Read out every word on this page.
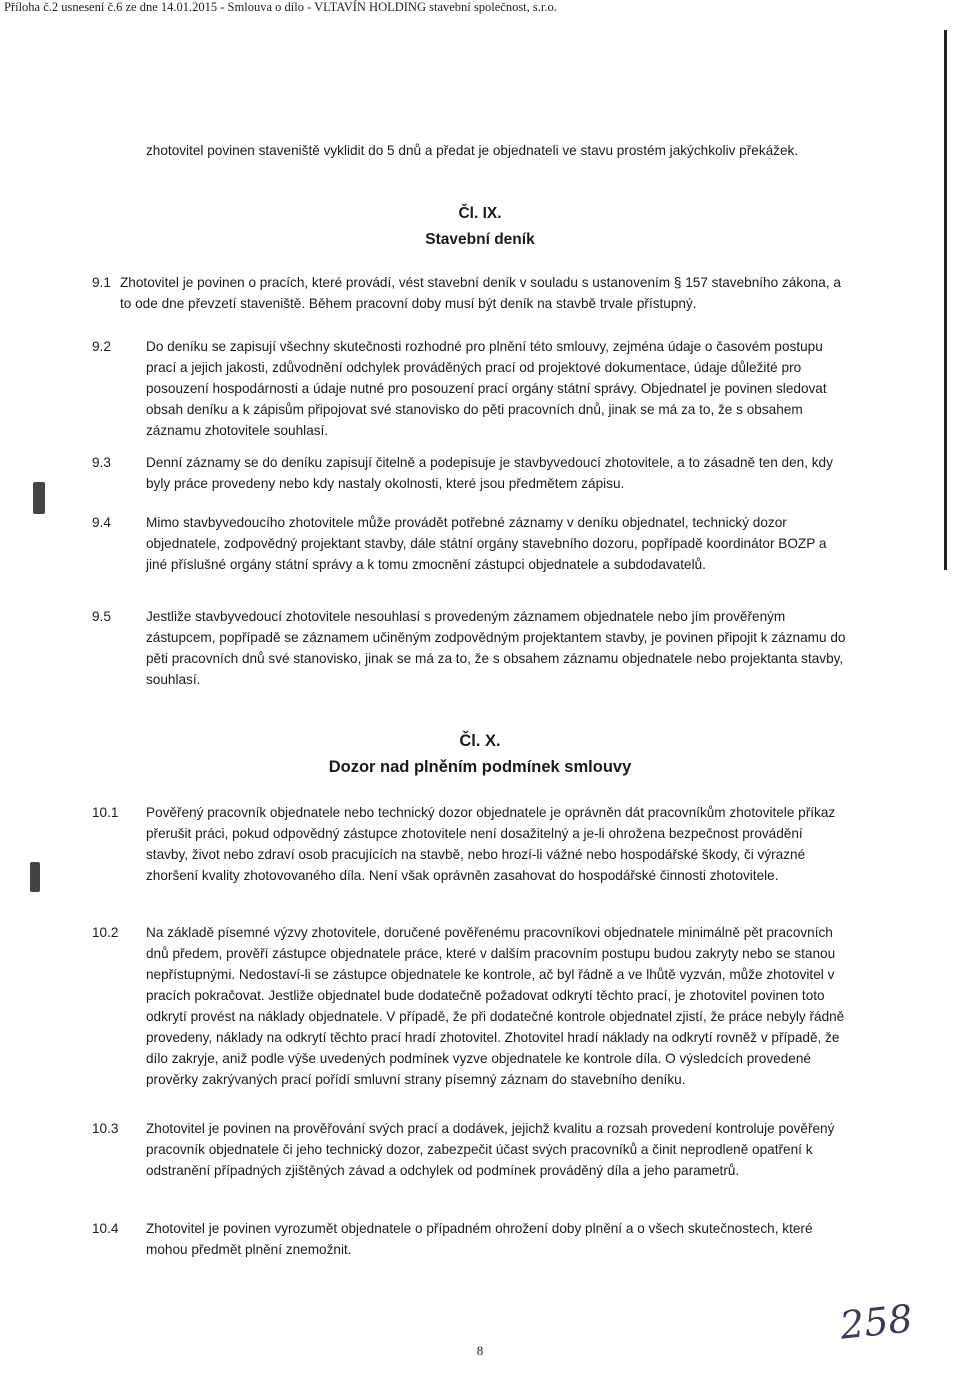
Příloha č.2 usnesení č.6 ze dne 14.01.2015 - Smlouva o dílo - VLTAVÍN HOLDING stavební společnost, s.r.o.
zhotovitel povinen staveniště vyklidit do 5 dnů a předat je objednateli ve stavu prostém jakýchkoliv překážek.
Čl. IX.
Stavební deník
9.1 Zhotovitel je povinen o pracích, které provádí, vést stavební deník v souladu s ustanovením § 157 stavebního zákona, a to ode dne převzetí staveniště. Během pracovní doby musí být deník na stavbě trvale přístupný.
9.2	Do deníku se zapisují všechny skutečnosti rozhodné pro plnění této smlouvy, zejména údaje o časovém postupu prací a jejich jakosti, zdůvodnění odchylek prováděných prací od projektové dokumentace, údaje důležité pro posouzení hospodárnosti a údaje nutné pro posouzení prací orgány státní správy. Objednatel je povinen sledovat obsah deníku a k zápisům připojovat své stanovisko do pěti pracovních dnů, jinak se má za to, že s obsahem záznamu zhotovitele souhlasí.
9.3	Denní záznamy se do deníku zapisují čitelně a podepisuje je stavbyvedoucí zhotovitele, a to zásadně ten den, kdy byly práce provedeny nebo kdy nastaly okolnosti, které jsou předmětem zápisu.
9.4	Mimo stavbyvedoucího zhotovitele může provádět potřebné záznamy v deníku objednatel, technický dozor objednatele, zodpovědný projektant stavby, dále státní orgány stavebního dozoru, popřípadě koordinátor BOZP a jiné příslušné orgány státní správy a k tomu zmocnění zástupci objednatele a subdodavatelů.
9.5	Jestliže stavbyvedoucí zhotovitele nesouhlasí s provedeným záznamem objednatele nebo jím prověřeným zástupcem, popřípadě se záznamem učiněným zodpovědným projektantem stavby, je povinen připojit k záznamu do pěti pracovních dnů své stanovisko, jinak se má za to, že s obsahem záznamu objednatele nebo projektanta stavby, souhlasí.
Čl. X.
Dozor nad plněním podmínek smlouvy
10.1 Pověřený pracovník objednatele nebo technický dozor objednatele je oprávněn dát pracovníkům zhotovitele příkaz přerušit práci, pokud odpovědný zástupce zhotovitele není dosažitelný a je-li ohrožena bezpečnost provádění stavby, život nebo zdraví osob pracujících na stavbě, nebo hrozí-li vážné nebo hospodářské škody, či výrazné zhoršení kvality zhotovovaného díla. Není však oprávněn zasahovat do hospodářské činnosti zhotovitele.
10.2 Na základě písemné výzvy zhotovitele, doručené pověřenému pracovníkovi objednatele minimálně pět pracovních dnů předem, prověří zástupce objednatele práce, které v dalším pracovním postupu budou zakryty nebo se stanou nepřístupnými. Nedostaví-li se zástupce objednatele ke kontrole, ač byl řádně a ve lhůtě vyzván, může zhotovitel v pracích pokračovat. Jestliže objednatel bude dodatečně požadovat odkrytí těchto prací, je zhotovitel povinen toto odkrytí provést na náklady objednatele. V případě, že při dodatečné kontrole objednatel zjistí, že práce nebyly řádně provedeny, náklady na odkrytí těchto prací hradí zhotovitel. Zhotovitel hradí náklady na odkrytí rovněž v případě, že dílo zakryje, aniž podle výše uvedených podmínek vyzve objednatele ke kontrole díla. O výsledcích provedené prověrky zakrývaných prací pořídí smluvní strany písemný záznam do stavebního deníku.
10.3 Zhotovitel je povinen na prověřování svých prací a dodávek, jejichž kvalitu a rozsah provedení kontroluje pověřený pracovník objednatele či jeho technický dozor, zabezpečit účast svých pracovníků a činit neprodleně opatření k odstranění případných zjištěných závad a odchylek od podmínek prováděný díla a jeho parametrů.
10.4 Zhotovitel je povinen vyrozumět objednatele o případném ohrožení doby plnění a o všech skutečnostech, které mohou předmět plnění znemožnit.
258
8
